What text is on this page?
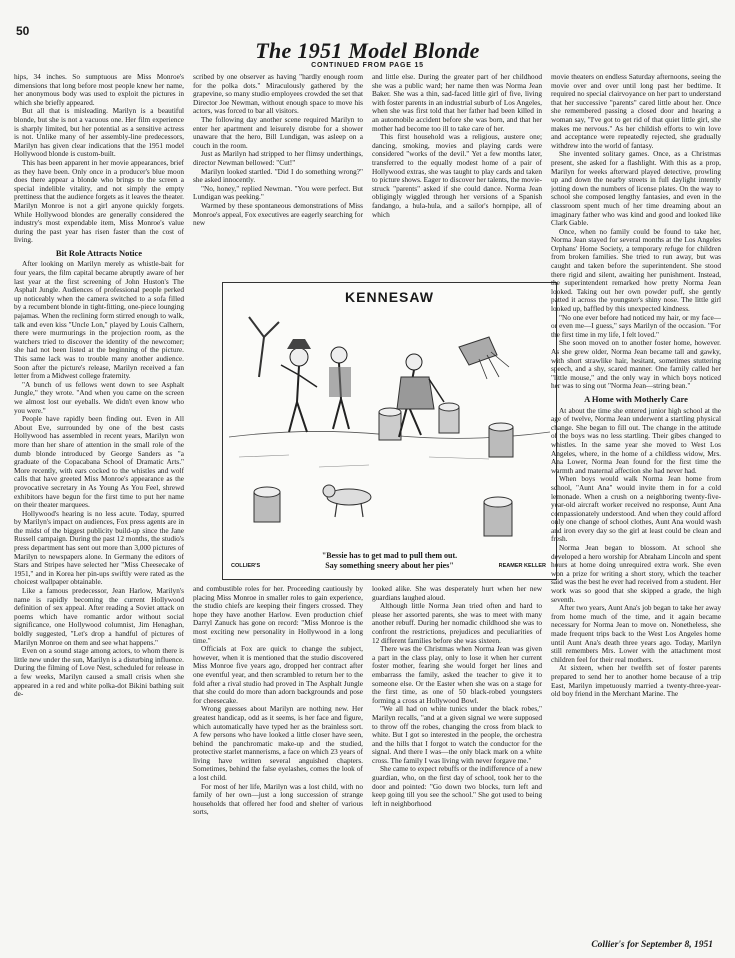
50
The 1951 Model Blonde
CONTINUED FROM PAGE 15

hips, 34 inches. So sumptuous are Miss Monroe's dimensions that long before most people knew her name, her anonymous body was used to exploit the pictures in which she briefly appeared.

But all that is misleading. Marilyn is a beautiful blonde, but she is not a vacuous one. Her film experience is sharply limited, but her potential as a sensitive actress is not. Unlike many of her assembly-line predecessors, Marilyn has given clear indications that the 1951 model Hollywood blonde is custom-built.

This has been apparent in her movie appearances, brief as they have been. Only once in a producer's blue moon does there appear a blonde who brings to the screen a special indelible vitality, and not simply the empty prettiness that the audience forgets as it leaves the theater. Marilyn Monroe is not a girl anyone quickly forgets. While Hollywood blondes are generally considered the industry's most expendable item, Miss Monroe's value during the past year has risen faster than the cost of living.

Bit Role Attracts Notice

After looking on Marilyn merely as whistle-bait for four years, the film capital became abruptly aware of her last year at the first screening of John Huston's The Asphalt Jungle. Audiences of professional people perked up noticeably when the camera switched to a sofa filled by a recumbent blonde in tight-fitting, one-piece lounging pajamas. When the reclining form stirred enough to walk, talk and even kiss "Uncle Lon," played by Louis Calhern, there were murmurings in the projection room, as the watchers tried to discover the identity of the newcomer; she had not been listed at the beginning of the picture. This same lack was to trouble many another audience. Soon after the picture's release, Marilyn received a fan letter from a Midwest college fraternity.

"A bunch of us fellows went down to see Asphalt Jungle," they wrote. "And when you came on the screen we almost lost our eyeballs. We didn't even know who you were."

People have rapidly been finding out. Even in All About Eve, surrounded by one of the best casts Hollywood has assembled in recent years, Marilyn won more than her share of attention in the small role of the dumb blonde introduced by George Sanders as "a graduate of the Copacabana School of Dramatic Arts." More recently, with ears cocked to the whistles and wolf calls that have greeted Miss Monroe's appearance as the provocative secretary in As Young As You Feel, shrewd exhibitors have begun for the first time to put her name on their theater marquees.

Hollywood's hearing is no less acute. Today, spurred by Marilyn's impact on audiences, Fox press agents are in the midst of the biggest publicity build-up since the Jane Russell campaign. During the past 12 months, the studio's press department has sent out more than 3,000 pictures of Marilyn to newspapers alone. In Germany the editors of Stars and Stripes have selected her "Miss Cheesecake of 1951," and in Korea her pin-ups swiftly were rated as the choicest wallpaper obtainable.

Like a famous predecessor, Jean Harlow, Marilyn's name is rapidly becoming the current Hollywood definition of sex appeal. After reading a Soviet attack on poems which have romantic ardor without social significance, one Hollywood columnist, Jim Henaghan, boldly suggested, "Let's drop a handful of pictures of Marilyn Monroe on them and see what happens."

Even on a sound stage among actors, to whom there is little new under the sun, Marilyn is a disturbing influence. During the filming of Love Nest, scheduled for release in a few weeks, Marilyn caused a small crisis when she appeared in a red and white polka-dot Bikini bathing suit de-

scribed by one observer as having "hardly enough room for the polka dots." Miraculously gathered by the grapevine, so many studio employees crowded the set that Director Joe Newman, without enough space to move his actors, was forced to bar all visitors.

The following day another scene required Marilyn to enter her apartment and leisurely disrobe for a shower unaware that the hero, Bill Lundigan, was asleep on a couch in the room.

Just as Marilyn had stripped to her flimsy underthings, director Newman bellowed: "Cut!"

Marilyn looked startled. "Did I do something wrong?" she asked innocently.

"No, honey," replied Newman. "You were perfect. But Lundigan was peeking."

Warmed by these spontaneous demonstrations of Miss Monroe's appeal, Fox executives are eagerly searching for new

and little else. During the greater part of her childhood she was a public ward; her name then was Norma Jean Baker. She was a thin, sad-faced little girl of five, living with foster parents in an industrial suburb of Los Angeles, when she was first told that her father had been killed in an automobile accident before she was born, and that her mother had become too ill to take care of her.

This first household was a religious, austere one; dancing, smoking, movies and playing cards were considered "works of the devil." Yet a few months later, transferred to the equally modest home of a pair of Hollywood extras, she was taught to play cards and taken to picture shows. Eager to discover her talents, the movie-struck "parents" asked if she could dance. Norma Jean obligingly wiggled through her versions of a Spanish fandango, a hula-hula, and a sailor's hornpipe, all of which

KENNESAW
"Bessie has to get mad to pull them out.
Say something sneery about her pies"
COLLIER'S	REAMER KELLER

and combustible roles for her. Proceeding cautiously by placing Miss Monroe in smaller roles to gain experience, the studio chiefs are keeping their fingers crossed. They hope they have another Harlow. Even production chief Darryl Zanuck has gone on record: "Miss Monroe is the most exciting new personality in Hollywood in a long time."

Officials at Fox are quick to change the subject, however, when it is mentioned that the studio discovered Miss Monroe five years ago, dropped her contract after one eventful year, and then scrambled to return her to the fold after a rival studio had proved in The Asphalt Jungle that she could do more than adorn backgrounds and pose for cheesecake.

Wrong guesses about Marilyn are nothing new. Her greatest handicap, odd as it seems, is her face and figure, which automatically have typed her as the brainless sort. A few persons who have looked a little closer have seen, behind the panchromatic make-up and the studied, protective starlet mannerisms, a face on which 23 years of living have written several anguished chapters. Sometimes, behind the false eyelashes, comes the look of a lost child.

For most of her life, Marilyn was a lost child, with no family of her own—just a long succession of strange households that offered her food and shelter of various sorts,

looked alike. She was desperately hurt when her new guardians laughed aloud.

Although little Norma Jean tried often and hard to please her assorted parents, she was to meet with many another rebuff. During her nomadic childhood she was to confront the restrictions, prejudices and peculiarities of 12 different families before she was sixteen.

There was the Christmas when Norma Jean was given a part in the class play, only to lose it when her current foster mother, fearing she would forget her lines and embarrass the family, asked the teacher to give it to someone else. Or the Easter when she was on a stage for the first time, as one of 50 black-robed youngsters forming a cross at Hollywood Bowl.

"We all had on white tunics under the black robes," Marilyn recalls, "and at a given signal we were supposed to throw off the robes, changing the cross from black to white. But I got so interested in the people, the orchestra and the hills that I forgot to watch the conductor for the signal. And there I was—the only black mark on a white cross. The family I was living with never forgave me."

She came to expect rebuffs or the indifference of a new guardian, who, on the first day of school, took her to the door and pointed: "Go down two blocks, turn left and keep going till you see the school." She got used to being left in neighborhood

movie theaters on endless Saturday afternoons, seeing the movie over and over until long past her bedtime. It required no special clairvoyance on her part to understand that her successive "parents" cared little about her. Once she remembered passing a closed door and hearing a woman say, "I've got to get rid of that quiet little girl, she makes me nervous." As her childish efforts to win love and acceptance were repeatedly rejected, she gradually withdrew into the world of fantasy.

She invented solitary games. Once, as a Christmas present, she asked for a flashlight. With this as a prop, Marilyn for weeks afterward played detective, prowling up and down the nearby streets in full daylight intently jotting down the numbers of license plates. On the way to school she composed lengthy fantasies, and even in the classroom spent much of her time dreaming about an imaginary father who was kind and good and looked like Clark Gable.

Once, when no family could be found to take her, Norma Jean stayed for several months at the Los Angeles Orphans' Home Society, a temporary refuge for children from broken families. She tried to run away, but was caught and taken before the superintendent. She stood there rigid and silent, awaiting her punishment. Instead, the superintendent remarked how pretty Norma Jean looked. Taking out her own powder puff, she gently patted it across the youngster's shiny nose. The little girl looked up, baffled by this unexpected kindness.

"No one ever before had noticed my hair, or my face—or even me—I guess," says Marilyn of the occasion. "For the first time in my life, I felt loved."

She soon moved on to another foster home, however. As she grew older, Norma Jean became tall and gawky, with short strawlike hair, hesitant, sometimes stuttering speech, and a shy, scared manner. One family called her "little mouse," and the only way in which boys noticed her was to sing out "Norma Jean—string bean."

A Home with Motherly Care

At about the time she entered junior high school at the age of twelve, Norma Jean underwent a startling physical change. She began to fill out. The change in the attitude of the boys was no less startling. Their gibes changed to whistles. In the same year she moved to West Los Angeles, where, in the home of a childless widow, Mrs. Ana Lower, Norma Jean found for the first time the warmth and maternal affection she had never had.

When boys would walk Norma Jean home from school, "Aunt Ana" would invite them in for a cold lemonade. When a crush on a neighboring twenty-five-year-old aircraft worker received no response, Aunt Ana compassionately understood. And when they could afford only one change of school clothes, Aunt Ana would wash and iron every day so the girl at least could be clean and fresh.

Norma Jean began to blossom. At school she developed a hero worship for Abraham Lincoln and spent hours at home doing unrequired extra work. She even won a prize for writing a short story, which the teacher said was the best he ever had received from a student. Her work was so good that she skipped a grade, the high seventh.

After two years, Aunt Ana's job began to take her away from home much of the time, and it again became necessary for Norma Jean to move on. Nonetheless, she made frequent trips back to the West Los Angeles home until Aunt Ana's death three years ago. Today, Marilyn still remembers Mrs. Lower with the attachment most children feel for their real mothers.

At sixteen, when her twelfth set of foster parents prepared to send her to another home because of a trip East, Marilyn impetuously married a twenty-three-year-old boy friend in the Merchant Marine. The

Collier's for September 8, 1951
